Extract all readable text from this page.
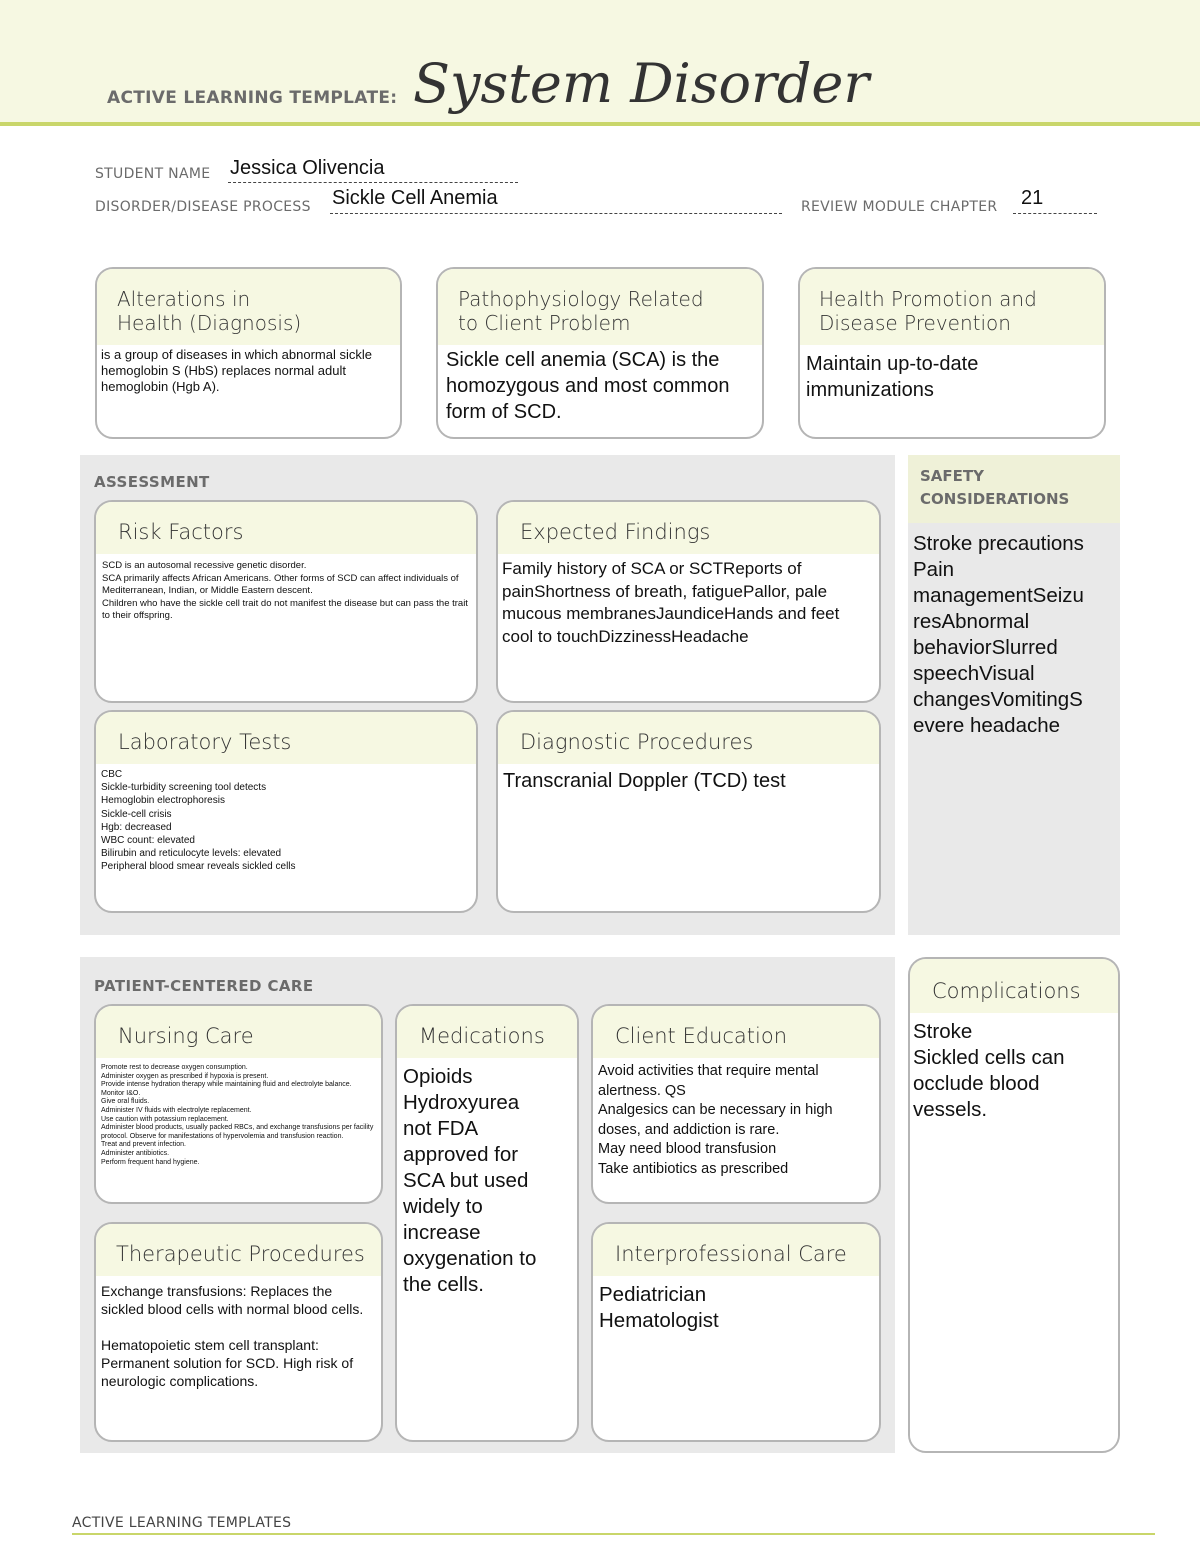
ACTIVE LEARNING TEMPLATE: System Disorder
STUDENT NAME Jessica Olivencia
DISORDER/DISEASE PROCESS Sickle Cell Anemia	REVIEW MODULE CHAPTER 21
Alterations in
Health (Diagnosis)
is a group of diseases in which abnormal sickle hemoglobin S (HbS) replaces normal adult hemoglobin (Hgb A).
Pathophysiology Related
to Client Problem
Sickle cell anemia (SCA) is the homozygous and most common form of SCD.
Health Promotion and
Disease Prevention
Maintain up-to-date immunizations
ASSESSMENT
Risk Factors
SCD is an autosomal recessive genetic disorder.
SCA primarily affects African Americans. Other forms of SCD can affect individuals of Mediterranean, Indian, or Middle Eastern descent.
Children who have the sickle cell trait do not manifest the disease but can pass the trait to their offspring.
Expected Findings
Family history of SCA or SCTReports of painShortness of breath, fatiguePallor, pale mucous membranesJaundiceHands and feet cool to touchDizzinessHeadache
Laboratory Tests
CBC
Sickle-turbidity screening tool detects
Hemoglobin electrophoresis
Sickle-cell crisis
Hgb: decreased
WBC count: elevated
Bilirubin and reticulocyte levels: elevated
Peripheral blood smear reveals sickled cells
Diagnostic Procedures
Transcranial Doppler (TCD) test
SAFETY
CONSIDERATIONS
Stroke precautions
Pain
managementSeizu
resAbnormal
behaviorSlurred
speechVisual
changesVomitingS
evere headache
PATIENT-CENTERED CARE
Nursing Care
Promote rest to decrease oxygen consumption.
Administer oxygen as prescribed if hypoxia is present.
Provide intense hydration therapy while maintaining fluid and electrolyte balance.
Monitor I&O.
Give oral fluids.
Administer IV fluids with electrolyte replacement.
Use caution with potassium replacement.
Administer blood products, usually packed RBCs, and exchange transfusions per facility protocol. Observe for manifestations of hypervolemia and transfusion reaction.
Treat and prevent infection.
Administer antibiotics.
Perform frequent hand hygiene.
Medications
Opioids
Hydroxyurea
not FDA
approved for
SCA but used
widely to
increase
oxygenation to
the cells.
Client Education
Avoid activities that require mental alertness. QS
Analgesics can be necessary in high doses, and addiction is rare.
May need blood transfusion
Take antibiotics as prescribed
Therapeutic Procedures
Exchange transfusions: Replaces the sickled blood cells with normal blood cells.

Hematopoietic stem cell transplant: Permanent solution for SCD. High risk of neurologic complications.
Interprofessional Care
Pediatrician
Hematologist
Complications
Stroke
Sickled cells can
occlude blood
vessels.
ACTIVE LEARNING TEMPLATES
